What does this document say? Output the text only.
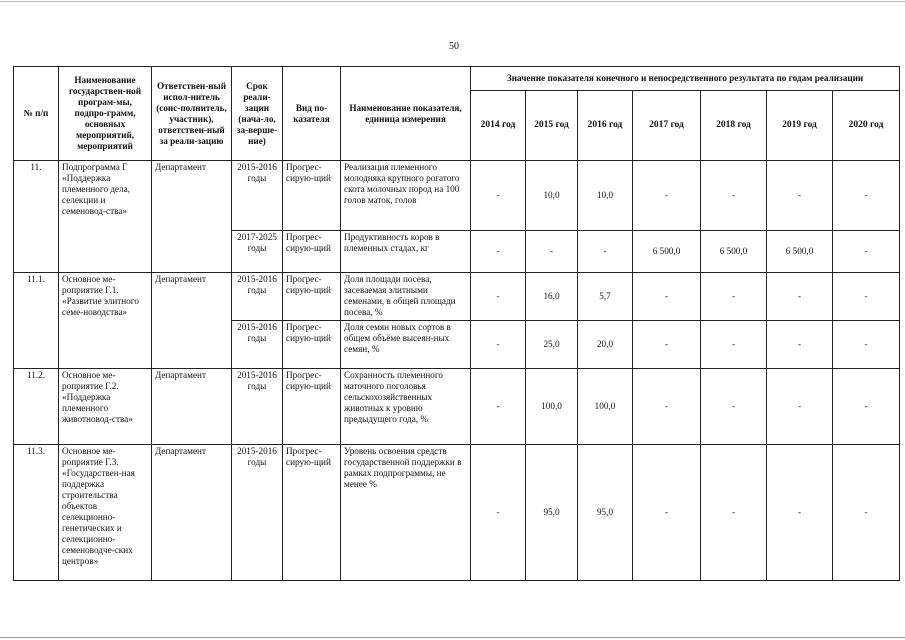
50
№ п/п	Наименование государствен-ной програм-мы, подпро-грамм, основных мероприятий, мероприятий	Ответствен-ный испол-нитель (соис-полнитель, участник), ответствен-ный за реали-зацию	Срок реали-зации (нача-ло, за-верше-ние)	Вид по-казателя	Наименование показателя, единица измерения	Значение показателя конечного и непосредственного результата по годам реализации						
						2014 год	2015 год	2016 год	2017 год	2018 год	2019 год	2020 год
11.	Подпрограмма Г «Поддержка племенного дела, селекции и семеновод-ства»	Департамент	2015-2016 годы	Прогрес-сирую-щий	Реализация племенного молодняка крупного рогатого скота молочных пород на 100 голов маток, голов	-	10,0	10,0	-	-	-	-
			2017-2025 годы	Прогрес-сирую-щий	Продуктивность коров в племенных стадах, кг	-	-	-	6 500,0	6 500,0	6 500,0	-
11.1.	Основное ме-роприятие Г.1. «Развитие элитного семе-новодства»	Департамент	2015-2016 годы	Прогрес-сирую-щий	Доля площади посева, засеваемая элитными семенами, в общей площади посева, %	-	16,0	5,7	-	-	-	-
			2015-2016 годы	Прогрес-сирую-щий	Доля семян новых сортов в общем объёме высеян-ных семян, %	-	25,0	20,0	-	-	-	-
11.2.	Основное ме-роприятие Г.2. «Поддержка племенного животновод-ства»	Департамент	2015-2016 годы	Прогрес-сирую-щий	Сохранность племенного маточного поголовья сельскохозяйственных животных к уровню предыдущего года, %	-	100,0	100,0	-	-	-	-
11.3.	Основное ме-роприятие Г.3. «Государствен-ная поддержка строительства объектов селекционно-генетических и селекционно-семеноводче-ских центров»	Департамент	2015-2016 годы	Прогрес-сирую-щий	Уровень освоения средств государственной поддержки в рамках подпрограммы, не менее %	-	95,0	95,0	-	-	-	-
